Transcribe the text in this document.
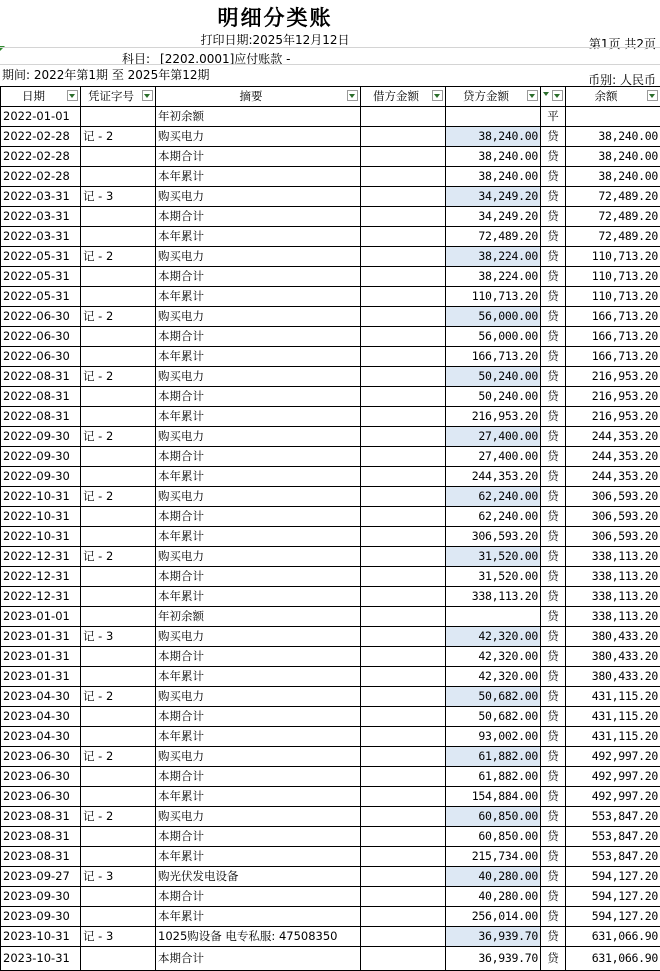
明细分类账
打印日期:2025年12月12日	第1页 共2页
科目: [2202.0001]应付账款 -
期间: 2022年第1期 至 2025年第12期	币别: 人民币
日期	凭证字号	摘要	借方金额	贷方金额		余额

2022-01-01		年初余额			平	
2022-02-28	记 - 2	购买电力		38,240.00	贷	38,240.00
2022-02-28		本期合计		38,240.00	贷	38,240.00
2022-02-28		本年累计		38,240.00	贷	38,240.00
2022-03-31	记 - 3	购买电力		34,249.20	贷	72,489.20
2022-03-31		本期合计		34,249.20	贷	72,489.20
2022-03-31		本年累计		72,489.20	贷	72,489.20
2022-05-31	记 - 2	购买电力		38,224.00	贷	110,713.20
2022-05-31		本期合计		38,224.00	贷	110,713.20
2022-05-31		本年累计		110,713.20	贷	110,713.20
2022-06-30	记 - 2	购买电力		56,000.00	贷	166,713.20
2022-06-30		本期合计		56,000.00	贷	166,713.20
2022-06-30		本年累计		166,713.20	贷	166,713.20
2022-08-31	记 - 2	购买电力		50,240.00	贷	216,953.20
2022-08-31		本期合计		50,240.00	贷	216,953.20
2022-08-31		本年累计		216,953.20	贷	216,953.20
2022-09-30	记 - 2	购买电力		27,400.00	贷	244,353.20
2022-09-30		本期合计		27,400.00	贷	244,353.20
2022-09-30		本年累计		244,353.20	贷	244,353.20
2022-10-31	记 - 2	购买电力		62,240.00	贷	306,593.20
2022-10-31		本期合计		62,240.00	贷	306,593.20
2022-10-31		本年累计		306,593.20	贷	306,593.20
2022-12-31	记 - 2	购买电力		31,520.00	贷	338,113.20
2022-12-31		本期合计		31,520.00	贷	338,113.20
2022-12-31		本年累计		338,113.20	贷	338,113.20
2023-01-01		年初余额			贷	338,113.20
2023-01-31	记 - 3	购买电力		42,320.00	贷	380,433.20
2023-01-31		本期合计		42,320.00	贷	380,433.20
2023-01-31		本年累计		42,320.00	贷	380,433.20
2023-04-30	记 - 2	购买电力		50,682.00	贷	431,115.20
2023-04-30		本期合计		50,682.00	贷	431,115.20
2023-04-30		本年累计		93,002.00	贷	431,115.20
2023-06-30	记 - 2	购买电力		61,882.00	贷	492,997.20
2023-06-30		本期合计		61,882.00	贷	492,997.20
2023-06-30		本年累计		154,884.00	贷	492,997.20
2023-08-31	记 - 2	购买电力		60,850.00	贷	553,847.20
2023-08-31		本期合计		60,850.00	贷	553,847.20
2023-08-31		本年累计		215,734.00	贷	553,847.20
2023-09-27	记 - 3	购光伏发电设备		40,280.00	贷	594,127.20
2023-09-30		本期合计		40,280.00	贷	594,127.20
2023-09-30		本年累计		256,014.00	贷	594,127.20
2023-10-31	记 - 3	1025购设备 电专私服: 47508350		36,939.70	贷	631,066.90
2023-10-31		本期合计		36,939.70	贷	631,066.90
